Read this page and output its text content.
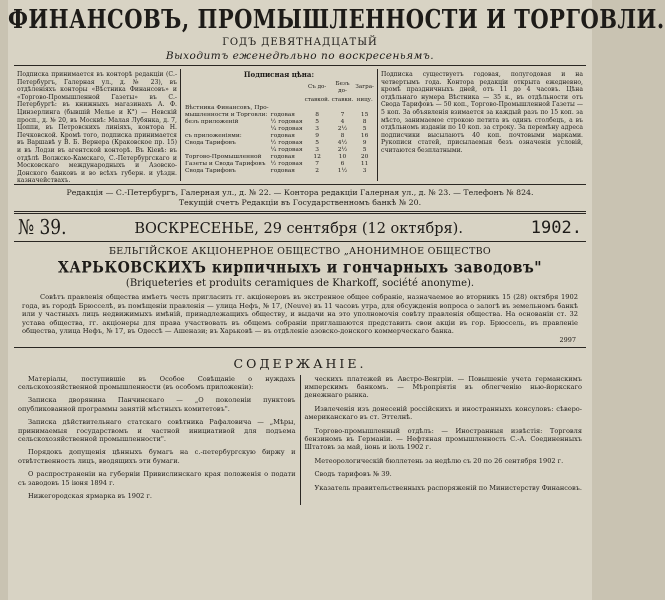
ФИНАНСОВЪ, ПРОМЫШЛЕННОСТИ И ТОРГОВЛИ.
ГОДЪ ДЕВЯТНАДЦАТЫЙ
Выходитъ еженедѣльно по воскресеньямъ.
Подписка принимается въ конторѣ редакціи (С.-Петербургъ, Галерная ул., д. № 23), въ отдѣленіяхъ конторы «Вѣстника Финансовъ» и «Торгово-Промышленной Газеты» въ С.-Петербургѣ: въ книжныхъ магазинахъ А. Ф. Цинзерлинга (бывшій Мелье и К°) — Невскій просп., д. № 20, въ Москвѣ: Малая Лубянка, д. 7, Цоппи, въ Петровскихъ линіяхъ, контора Н. Печковской. Кромѣ того, подписка принимается въ Варшавѣ у В. Б. Вернера (Краковское пр. 15) и въ Лодзи въ агентской конторѣ. Въ Кіевѣ: въ отдѣлѣ Волжско-Камскаго, С.-Петербургскаго и Московскаго международныхъ и Азовско-Донского банковъ и во всѣхъ губерн. и уѣздн. казначействахъ.
Подписная цѣна:
		Съ до-	Безъ до-	Загра-
		ставкой.	ставки.	ницу.
Вѣстника Финансовъ, Про-				
мышленности и Торговли:	годовая	8	7	15
безъ приложеній	½ годовая	5	4	8
	¼ годовая	3	2½	5
съ приложеніями:	годовая	9	8	16
Свода Тарифовъ	½ годовая	5	4½	9
	¼ годовая	3	2½	5
Торгово-Промышленной	годовая	12	10	20
Газеты и Свода Тарифовъ	½ годовая	7	6	11
Свода Тарифовъ	годовая	2	1½	3
Подписка существуетъ годовая, полугодовая и на четвертымъ года. Контора редакціи открыта ежедневно, кромѣ праздничныхъ дней, отъ 11 до 4 часовъ. Цѣна отдѣльнаго нумера Вѣстника — 35 к., въ отдѣльности отъ Свода Тарифовъ — 50 коп., Торгово-Промышленной Газеты — 5 коп. За объявленія взимается за каждый разъ по 15 коп. за мѣсто, занимаемое строкою петита въ одинъ столбецъ, а въ отдѣльномъ изданіи по 10 коп. за строку. За перемѣну адреса подписчики высылаютъ 40 коп. почтовыми марками. Рукописи статей, присылаемыя безъ означенія условій, считаются безплатными.
Редакція — С.-Петербургъ, Галерная ул., д. № 22. — Контора редакціи Галерная ул., д. № 23. — Телефонъ № 824.
Текущій счетъ Редакціи въ Государственномъ банкѣ № 20.
№ 39.	ВОСКРЕСЕНЬЕ, 29 сентября (12 октября).	1902.
БЕЛЬГІЙСКОЕ АКЦІОНЕРНОЕ ОБЩЕСТВО „АНОНИМНОЕ ОБЩЕСТВО
ХАРЬКОВСКИХЪ кирпичныхъ и гончарныхъ заводовъ"
(Briqueteries et produits ceramiques de Kharkoff, société anonyme).
Совѣтъ правленія общества имѣетъ честь пригласить гг. акціонеровъ въ экстренное общее собраніе, назначаемое во вторникъ 15 (28) октября 1902 года, въ городѣ Брюсселѣ, въ помѣщеніи правленія — улица Нефъ, № 17, (Neuve) въ 11 часовъ утра, для обсужденія вопроса о залогѣ въ земельномъ банкѣ или у частныхъ лицъ недвижимыхъ имѣній, принадлежащихъ обществу, и выдачи на это уполномочія совѣту правленія общества. На основаніи ст. 32 устава общества, гг. акціонеры для права участвовать въ общемъ собраніи приглашаются представить свои акціи въ гор. Брюссель, въ правленіе общества, улица Нефъ, № 17, въ Одессѣ — Ашенази; въ Харьковѣ — въ отдѣленіе азовско-донского коммерческаго банка.
2997
СОДЕРЖАНІЕ.
Матеріалы, поступившіе въ Особое Совѣщаніе о нуждахъ сельскохозяйственной промышленности (въ особомъ приложеніи):
Записка дворянина Панчинскаго — „О поколеніи пунктовъ опубликованной программы занятій мѣстныхъ комитетовъ".
Записка дѣйствительнаго статскаго совѣтника Рафаловича — „Мѣры, принимаемыя государствомъ и частной инициативой для подъема сельскохозяйственной промышленности".
Порядокъ допущенія цѣнныхъ бумагъ на с.-петербургскую биржу и отвѣтственность лицъ, вводящихъ эти бумаги.
О распространеніи на губерніи Привислинскаго края положенія о подати съ заводовъ 15 іюня 1894 г.
Нижегородская ярмарка въ 1902 г.
ческихъ платежей въ Австро-Венгріи. — Повышеніе учета германскимъ имперскимъ банкомъ. — Мѣропріятія въ облегченію нью-йоркскаго денежнаго рынка.
Извлеченія изъ донесеній россійскихъ и иностранныхъ консуловъ: сѣверо-американскаго въ ст. Эттелнѣ.
Торгово-промышленный отдѣлъ: — Иностранныя извѣстія: Торговля бензиномъ въ Германіи. — Нефтяная промышленность С.-А. Соединенныхъ Штатовъ за май, іюнь и іюль 1902 г.
Метеорологическій бюллетень за недѣлю съ 20 по 26 сентября 1902 г.
Сводъ тарифовъ № 39.
Указатель правительственныхъ распоряженій по Министерству Финансовъ.
